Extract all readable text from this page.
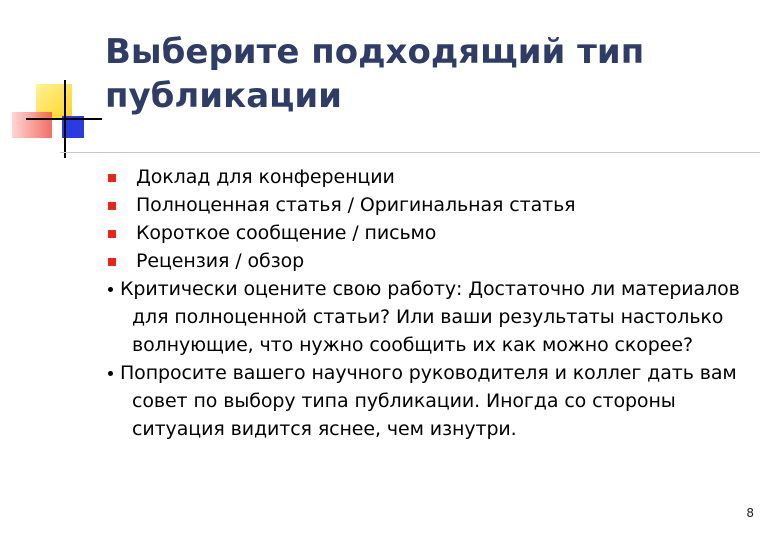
Выберите подходящий тип публикации
Доклад для конференции
Полноценная статья / Оригинальная статья
Короткое сообщение / письмо
Рецензия / обзор
Критически оцените свою работу: Достаточно ли материалов для полноценной статьи? Или ваши результаты настолько волнующие, что нужно сообщить их как можно скорее?
Попросите вашего научного руководителя и коллег дать вам совет по выбору типа публикации. Иногда со стороны ситуация видится яснее, чем изнутри.
8
